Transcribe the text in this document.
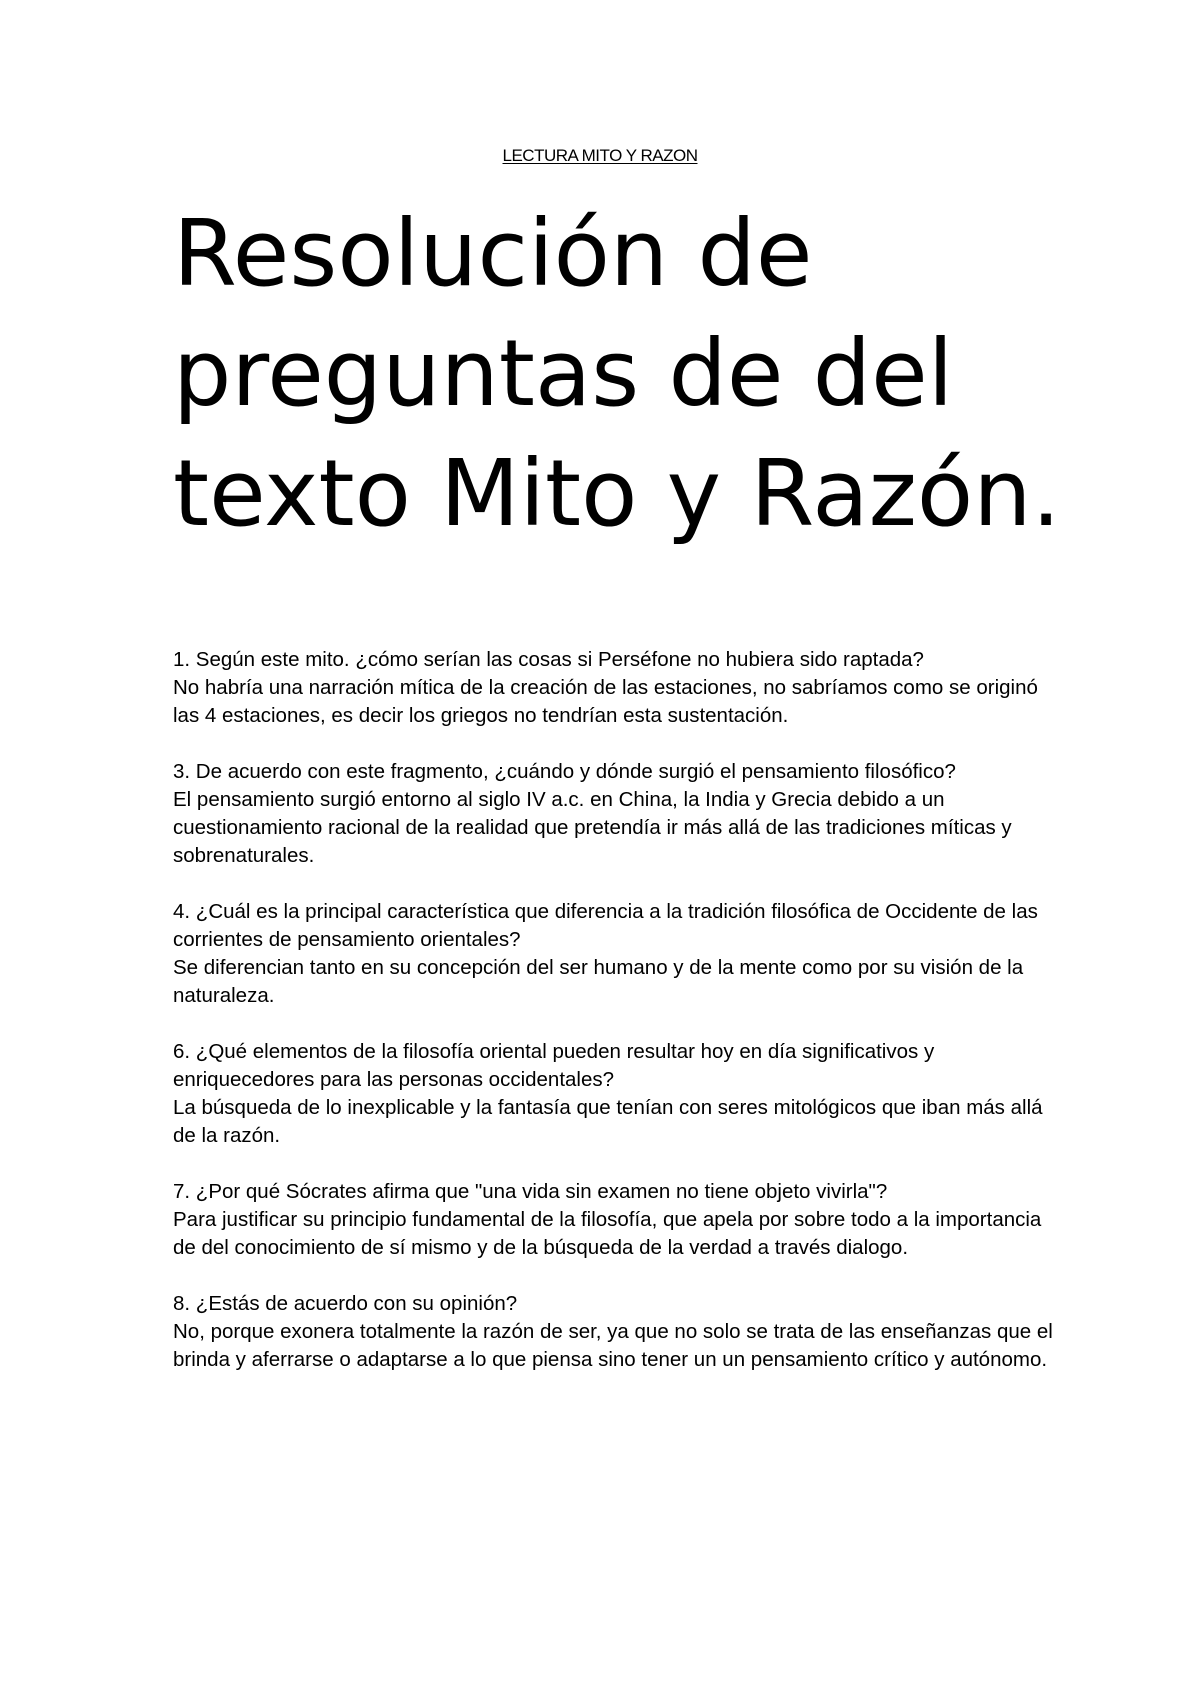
LECTURA MITO Y RAZON
Resolución de preguntas de del texto Mito y Razón.

1. Según este mito. ¿cómo serían las cosas si Perséfone no hubiera sido raptada?

No habría una narración mítica de la creación de las estaciones, no sabríamos como se originó las 4 estaciones, es decir los griegos no tendrían esta sustentación.

3. De acuerdo con este fragmento, ¿cuándo y dónde surgió el pensamiento filosófico?

El pensamiento surgió entorno al siglo IV a.c. en China, la India y Grecia debido a un cuestionamiento racional de la realidad que pretendía ir más allá de las tradiciones míticas y sobrenaturales.

4. ¿Cuál es la principal característica que diferencia a la tradición filosófica de Occidente de las corrientes de pensamiento orientales?

Se diferencian tanto en su concepción del ser humano y de la mente como por su visión de la naturaleza.

6. ¿Qué elementos de la filosofía oriental pueden resultar hoy en día significativos y enriquecedores para las personas occidentales?

La búsqueda de lo inexplicable y la fantasía que tenían con seres mitológicos que iban más allá de la razón.

7. ¿Por qué Sócrates afirma que "una vida sin examen no tiene objeto vivirla"?

Para justificar su principio fundamental de la filosofía, que apela por sobre todo a la importancia de del conocimiento de sí mismo y de la búsqueda de la verdad a través dialogo.

8. ¿Estás de acuerdo con su opinión?

No, porque exonera totalmente la razón de ser, ya que no solo se trata de las enseñanzas que el brinda y aferrarse o adaptarse a lo que piensa sino tener un un pensamiento crítico y autónomo.
